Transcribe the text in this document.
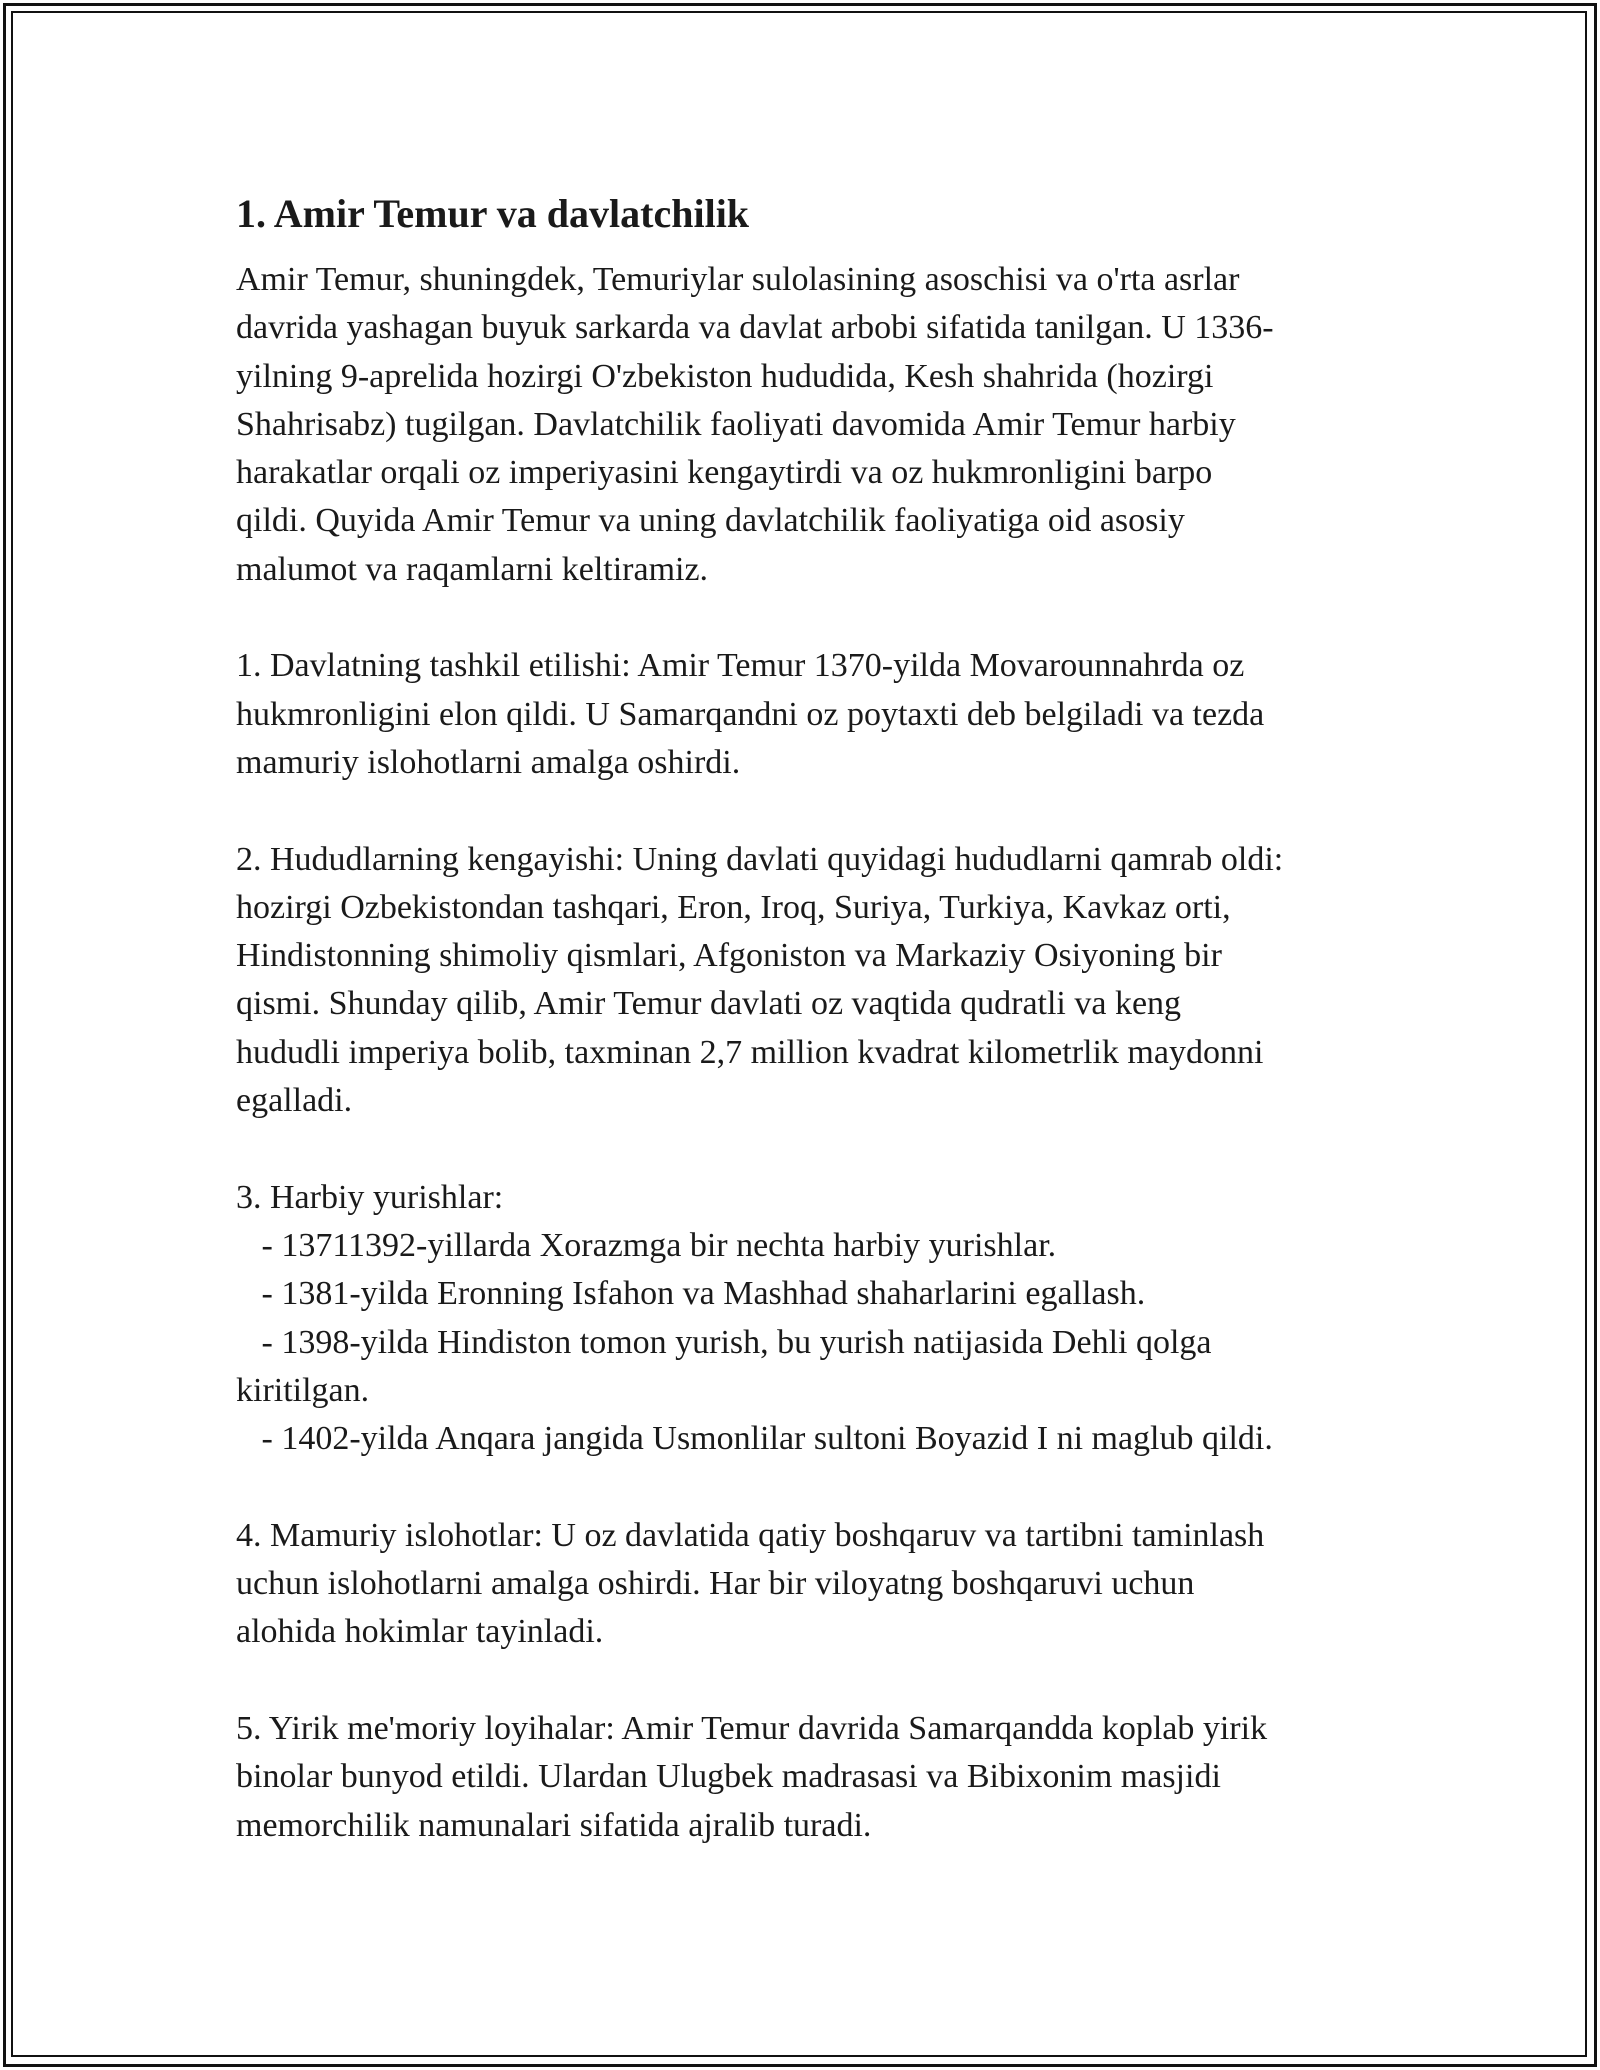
1. Amir Temur va davlatchilik

Amir Temur, shuningdek, Temuriylar sulolasining asoschisi va o'rta asrlar
davrida yashagan buyuk sarkarda va davlat arbobi sifatida tanilgan. U 1336-
yilning 9-aprelida hozirgi O'zbekiston hududida, Kesh shahrida (hozirgi
Shahrisabz) tugilgan. Davlatchilik faoliyati davomida Amir Temur harbiy
harakatlar orqali oz imperiyasini kengaytirdi va oz hukmronligini barpo
qildi. Quyida Amir Temur va uning davlatchilik faoliyatiga oid asosiy
malumot va raqamlarni keltiramiz.

1. Davlatning tashkil etilishi: Amir Temur 1370-yilda Movarounnahrda oz
hukmronligini elon qildi. U Samarqandni oz poytaxti deb belgiladi va tezda
mamuriy islohotlarni amalga oshirdi.

2. Hududlarning kengayishi: Uning davlati quyidagi hududlarni qamrab oldi:
hozirgi Ozbekistondan tashqari, Eron, Iroq, Suriya, Turkiya, Kavkaz orti,
Hindistonning shimoliy qismlari, Afgoniston va Markaziy Osiyoning bir
qismi. Shunday qilib, Amir Temur davlati oz vaqtida qudratli va keng
hududli imperiya bolib, taxminan 2,7 million kvadrat kilometrlik maydonni
egalladi.

3. Harbiy yurishlar:
- 13711392-yillarda Xorazmga bir nechta harbiy yurishlar.
- 1381-yilda Eronning Isfahon va Mashhad shaharlarini egallash.
- 1398-yilda Hindiston tomon yurish, bu yurish natijasida Dehli qolga
kiritilgan.
- 1402-yilda Anqara jangida Usmonlilar sultoni Boyazid I ni maglub qildi.

4. Mamuriy islohotlar: U oz davlatida qatiy boshqaruv va tartibni taminlash
uchun islohotlarni amalga oshirdi. Har bir viloyatng boshqaruvi uchun
alohida hokimlar tayinladi.

5. Yirik me'moriy loyihalar: Amir Temur davrida Samarqandda koplab yirik
binolar bunyod etildi. Ulardan Ulugbek madrasasi va Bibixonim masjidi
memorchilik namunalari sifatida ajralib turadi.
